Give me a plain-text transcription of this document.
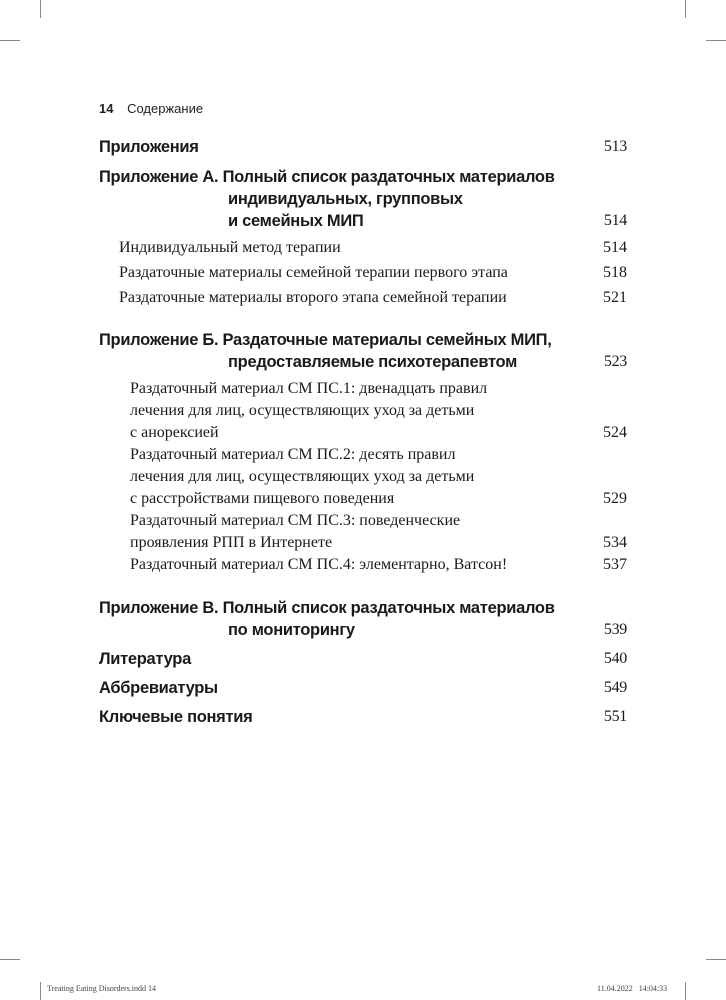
14 Содержание
Приложения	513
Приложение А. Полный список раздаточных материалов
индивидуальных, групповых
и семейных МИП	514
Индивидуальный метод терапии	514
Раздаточные материалы семейной терапии первого этапа	518
Раздаточные материалы второго этапа семейной терапии	521
Приложение Б. Раздаточные материалы семейных МИП,
предоставляемые психотерапевтом	523
Раздаточный материал СМ ПС.1: двенадцать правил
лечения для лиц, осуществляющих уход за детьми
с анорексией	524
Раздаточный материал СМ ПС.2: десять правил
лечения для лиц, осуществляющих уход за детьми
с расстройствами пищевого поведения	529
Раздаточный материал СМ ПС.3: поведенческие
проявления РПП в Интернете	534
Раздаточный материал СМ ПС.4: элементарно, Ватсон!	537
Приложение В. Полный список раздаточных материалов
по мониторингу	539
Литература	540
Аббревиатуры	549
Ключевые понятия	551
Treating Eating Disorders.indd 14	11.04.2022   14:04:33
